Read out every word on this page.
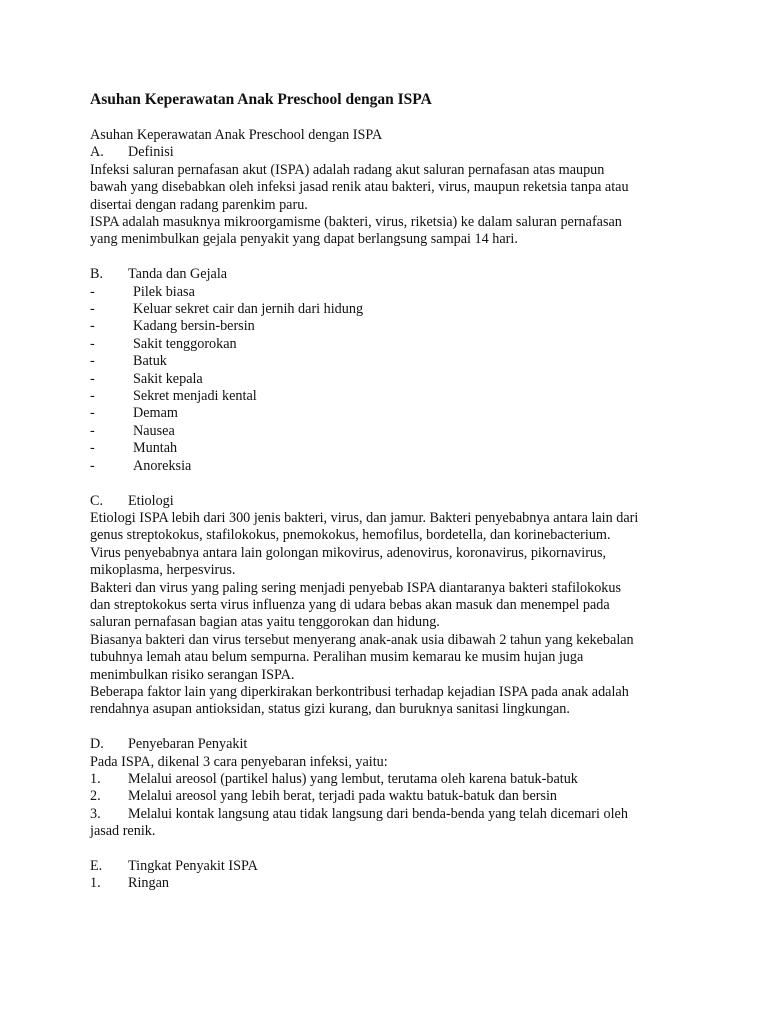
Asuhan Keperawatan Anak Preschool dengan ISPA
Asuhan Keperawatan Anak Preschool dengan ISPA
A.	Definisi
Infeksi saluran pernafasan akut (ISPA) adalah radang akut saluran pernafasan atas maupun
bawah yang disebabkan oleh infeksi jasad renik atau bakteri, virus, maupun reketsia tanpa atau
disertai dengan radang parenkim paru.
ISPA adalah masuknya mikroorgamisme (bakteri, virus, riketsia) ke dalam saluran pernafasan
yang menimbulkan gejala penyakit yang dapat berlangsung sampai 14 hari.
B.	Tanda dan Gejala
-	Pilek biasa
-	Keluar sekret cair dan jernih dari hidung
-	Kadang bersin-bersin
-	Sakit tenggorokan
-	Batuk
-	Sakit kepala
-	Sekret menjadi kental
-	Demam
-	Nausea
-	Muntah
-	Anoreksia
C.	Etiologi
Etiologi ISPA lebih dari 300 jenis bakteri, virus, dan jamur. Bakteri penyebabnya antara lain dari
genus streptokokus, stafilokokus, pnemokokus, hemofilus, bordetella, dan korinebacterium.
Virus penyebabnya antara lain golongan mikovirus, adenovirus, koronavirus, pikornavirus,
mikoplasma, herpesvirus.
Bakteri dan virus yang paling sering menjadi penyebab ISPA diantaranya bakteri stafilokokus
dan streptokokus serta virus influenza yang di udara bebas akan masuk dan menempel pada
saluran pernafasan bagian atas yaitu tenggorokan dan hidung.
Biasanya bakteri dan virus tersebut menyerang anak-anak usia dibawah 2 tahun yang kekebalan
tubuhnya lemah atau belum sempurna. Peralihan musim kemarau ke musim hujan juga
menimbulkan risiko serangan ISPA.
Beberapa faktor lain yang diperkirakan berkontribusi terhadap kejadian ISPA pada anak adalah
rendahnya asupan antioksidan, status gizi kurang, dan buruknya sanitasi lingkungan.
D.	Penyebaran Penyakit
Pada ISPA, dikenal 3 cara penyebaran infeksi, yaitu:
1.	Melalui areosol (partikel halus) yang lembut, terutama oleh karena batuk-batuk
2.	Melalui areosol yang lebih berat, terjadi pada waktu batuk-batuk dan bersin
3.	Melalui kontak langsung atau tidak langsung dari benda-benda yang telah dicemari oleh
jasad renik.
E.	Tingkat Penyakit ISPA
1.	Ringan
